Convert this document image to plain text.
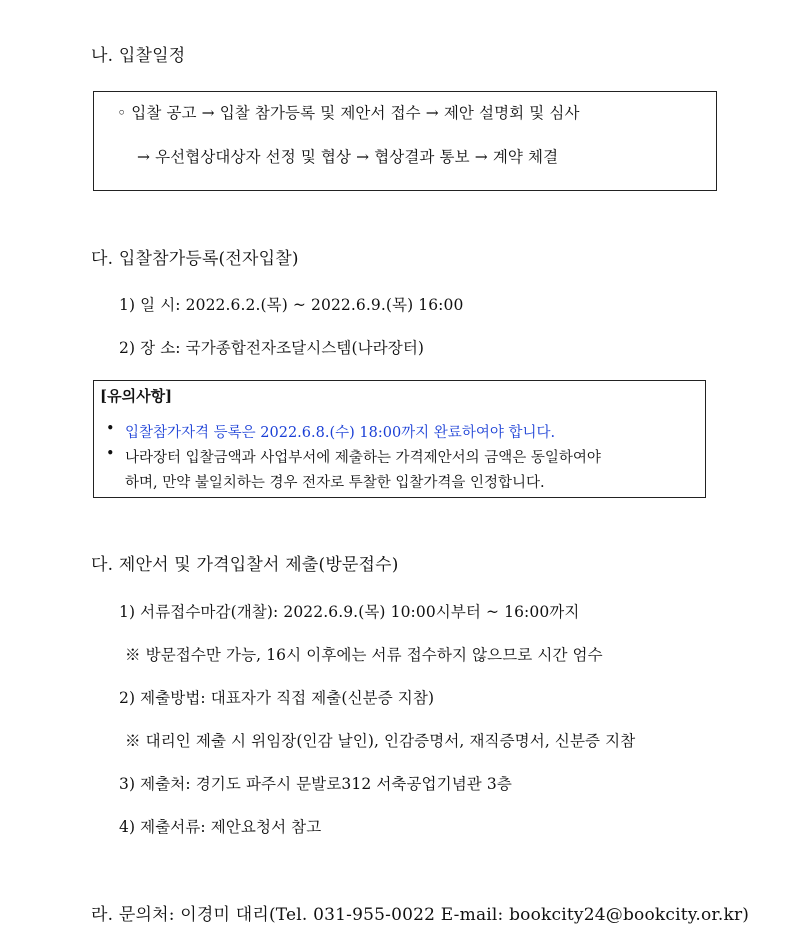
나. 입찰일정
◦ 입찰 공고 → 입찰 참가등록 및 제안서 접수 → 제안 설명회 및 심사
→ 우선협상대상자 선정 및 협상 → 협상결과 통보 → 계약 체결
다. 입찰참가등록(전자입찰)
1) 일 시: 2022.6.2.(목) ~ 2022.6.9.(목) 16:00
2) 장 소: 국가종합전자조달시스템(나라장터)
[유의사항]
• 입찰참가자격 등록은 2022.6.8.(수) 18:00까지 완료하여야 합니다.
• 나라장터 입찰금액과 사업부서에 제출하는 가격제안서의 금액은 동일하여야
하며, 만약 불일치하는 경우 전자로 투찰한 입찰가격을 인정합니다.
다. 제안서 및 가격입찰서 제출(방문접수)
1) 서류접수마감(개찰): 2022.6.9.(목) 10:00시부터 ~ 16:00까지
※ 방문접수만 가능, 16시 이후에는 서류 접수하지 않으므로 시간 엄수
2) 제출방법: 대표자가 직접 제출(신분증 지참)
※ 대리인 제출 시 위임장(인감 날인), 인감증명서, 재직증명서, 신분증 지참
3) 제출처: 경기도 파주시 문발로312 서축공업기념관 3층
4) 제출서류: 제안요청서 참고
라. 문의처: 이경미 대리(Tel. 031-955-0022 E-mail: bookcity24@bookcity.or.kr)
